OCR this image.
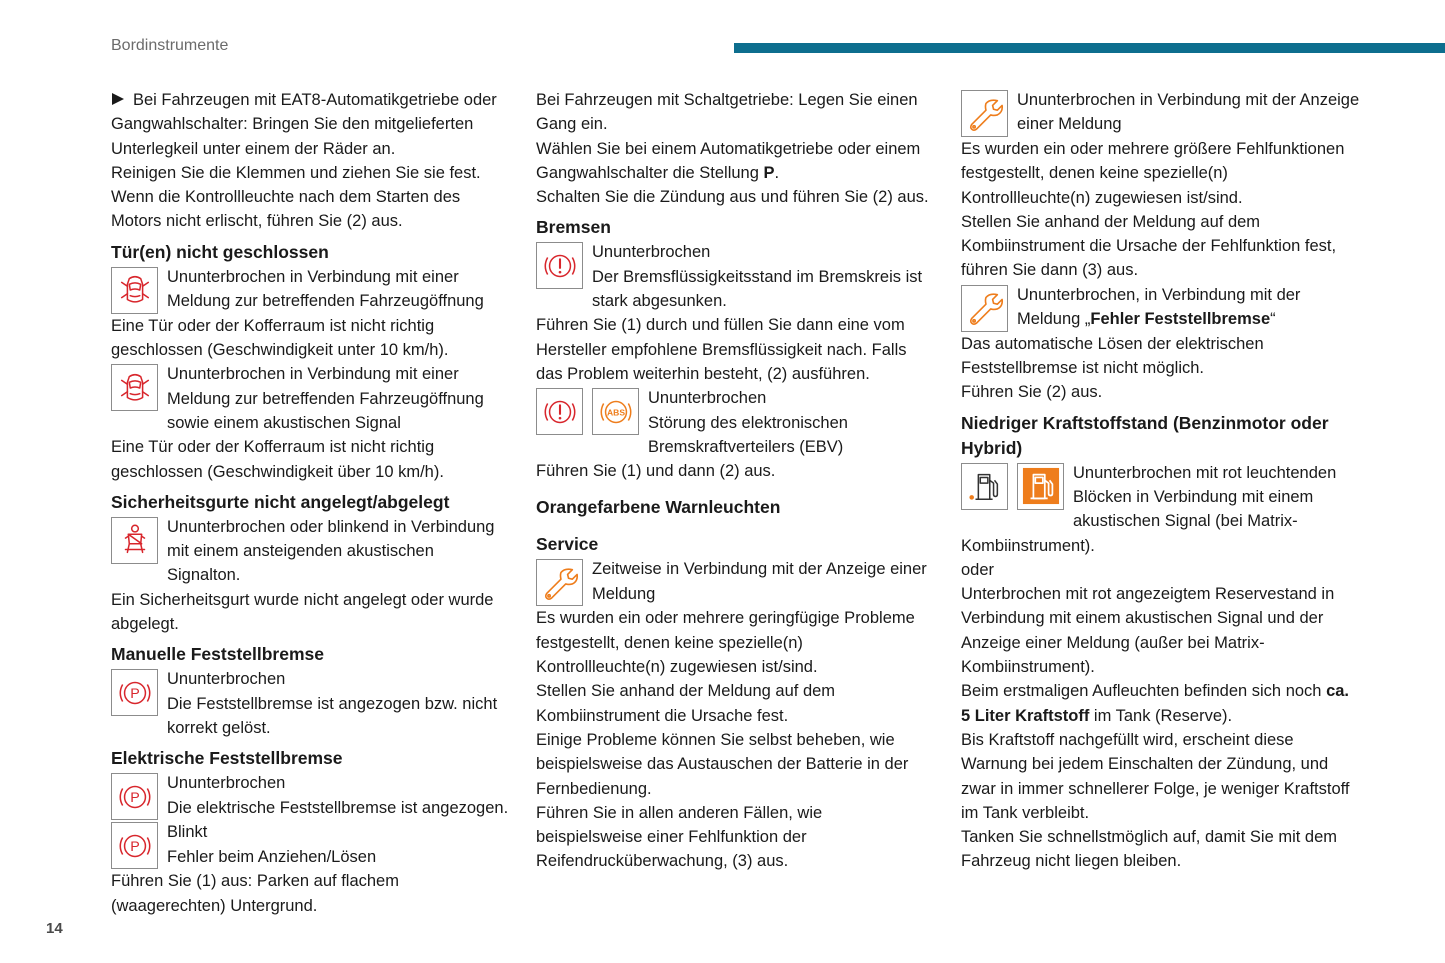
Bordinstrumente

Bei Fahrzeugen mit EAT8-Automatikgetriebe oder Gangwahlschalter: Bringen Sie den mitgelieferten Unterlegkeil unter einem der Räder an.

Reinigen Sie die Klemmen und ziehen Sie sie fest.

Wenn die Kontrollleuchte nach dem Starten des Motors nicht erlischt, führen Sie (2) aus.

Tür(en) nicht geschlossen
Ununterbrochen in Verbindung mit einer Meldung zur betreffenden Fahrzeugöffnung

Eine Tür oder der Kofferraum ist nicht richtig geschlossen (Geschwindigkeit unter 10 km/h).

Ununterbrochen in Verbindung mit einer Meldung zur betreffenden Fahrzeugöffnung sowie einem akustischen Signal

Eine Tür oder der Kofferraum ist nicht richtig geschlossen (Geschwindigkeit über 10 km/h).

Sicherheitsgurte nicht angelegt/abgelegt
Ununterbrochen oder blinkend in Verbindung mit einem ansteigenden akustischen Signalton.

Ein Sicherheitsgurt wurde nicht angelegt oder wurde abgelegt.

Manuelle Feststellbremse
Ununterbrochen
Die Feststellbremse ist angezogen bzw. nicht korrekt gelöst.
Elektrische Feststellbremse
Ununterbrochen
Die elektrische Feststellbremse ist angezogen.
Blinkt
Fehler beim Anziehen/Lösen

Führen Sie (1) aus: Parken auf flachem (waagerechten) Untergrund.

Bei Fahrzeugen mit Schaltgetriebe: Legen Sie einen Gang ein.

Wählen Sie bei einem Automatikgetriebe oder einem Gangwahlschalter die Stellung P.

Schalten Sie die Zündung aus und führen Sie (2) aus.

Bremsen
Ununterbrochen
Der Bremsflüssigkeitsstand im Bremskreis ist stark abgesunken.

Führen Sie (1) durch und füllen Sie dann eine vom Hersteller empfohlene Bremsflüssigkeit nach. Falls das Problem weiterhin besteht, (2) ausführen.

ABS
Ununterbrochen
Störung des elektronischen Bremskraftverteilers (EBV)

Führen Sie (1) und dann (2) aus.

Orangefarbene Warnleuchten
Service
Zeitweise in Verbindung mit der Anzeige einer Meldung

Es wurden ein oder mehrere geringfügige Probleme festgestellt, denen keine spezielle(n) Kontrollleuchte(n) zugewiesen ist/sind.

Stellen Sie anhand der Meldung auf dem Kombiinstrument die Ursache fest.

Einige Probleme können Sie selbst beheben, wie beispielsweise das Austauschen der Batterie in der Fernbedienung.

Führen Sie in allen anderen Fällen, wie beispielsweise einer Fehlfunktion der Reifendrucküberwachung, (3) aus.

Ununterbrochen in Verbindung mit der Anzeige einer Meldung

Es wurden ein oder mehrere größere Fehlfunktionen festgestellt, denen keine spezielle(n) Kontrollleuchte(n) zugewiesen ist/sind.

Stellen Sie anhand der Meldung auf dem Kombiinstrument die Ursache der Fehlfunktion fest, führen Sie dann (3) aus.

Ununterbrochen, in Verbindung mit der Meldung „Fehler Feststellbremse“

Das automatische Lösen der elektrischen Feststellbremse ist nicht möglich.

Führen Sie (2) aus.

Niedriger Kraftstoffstand (Benzinmotor oder Hybrid)
Ununterbrochen mit rot leuchtenden Blöcken in Verbindung mit einem akustischen Signal (bei Matrix-Kombiinstrument).

oder

Unterbrochen mit rot angezeigtem Reservestand in Verbindung mit einem akustischen Signal und der Anzeige einer Meldung (außer bei Matrix-Kombiinstrument).

Beim erstmaligen Aufleuchten befinden sich noch ca. 5 Liter Kraftstoff im Tank (Reserve).

Bis Kraftstoff nachgefüllt wird, erscheint diese Warnung bei jedem Einschalten der Zündung, und zwar in immer schnellerer Folge, je weniger Kraftstoff im Tank verbleibt.

Tanken Sie schnellstmöglich auf, damit Sie mit dem Fahrzeug nicht liegen bleiben.

14
